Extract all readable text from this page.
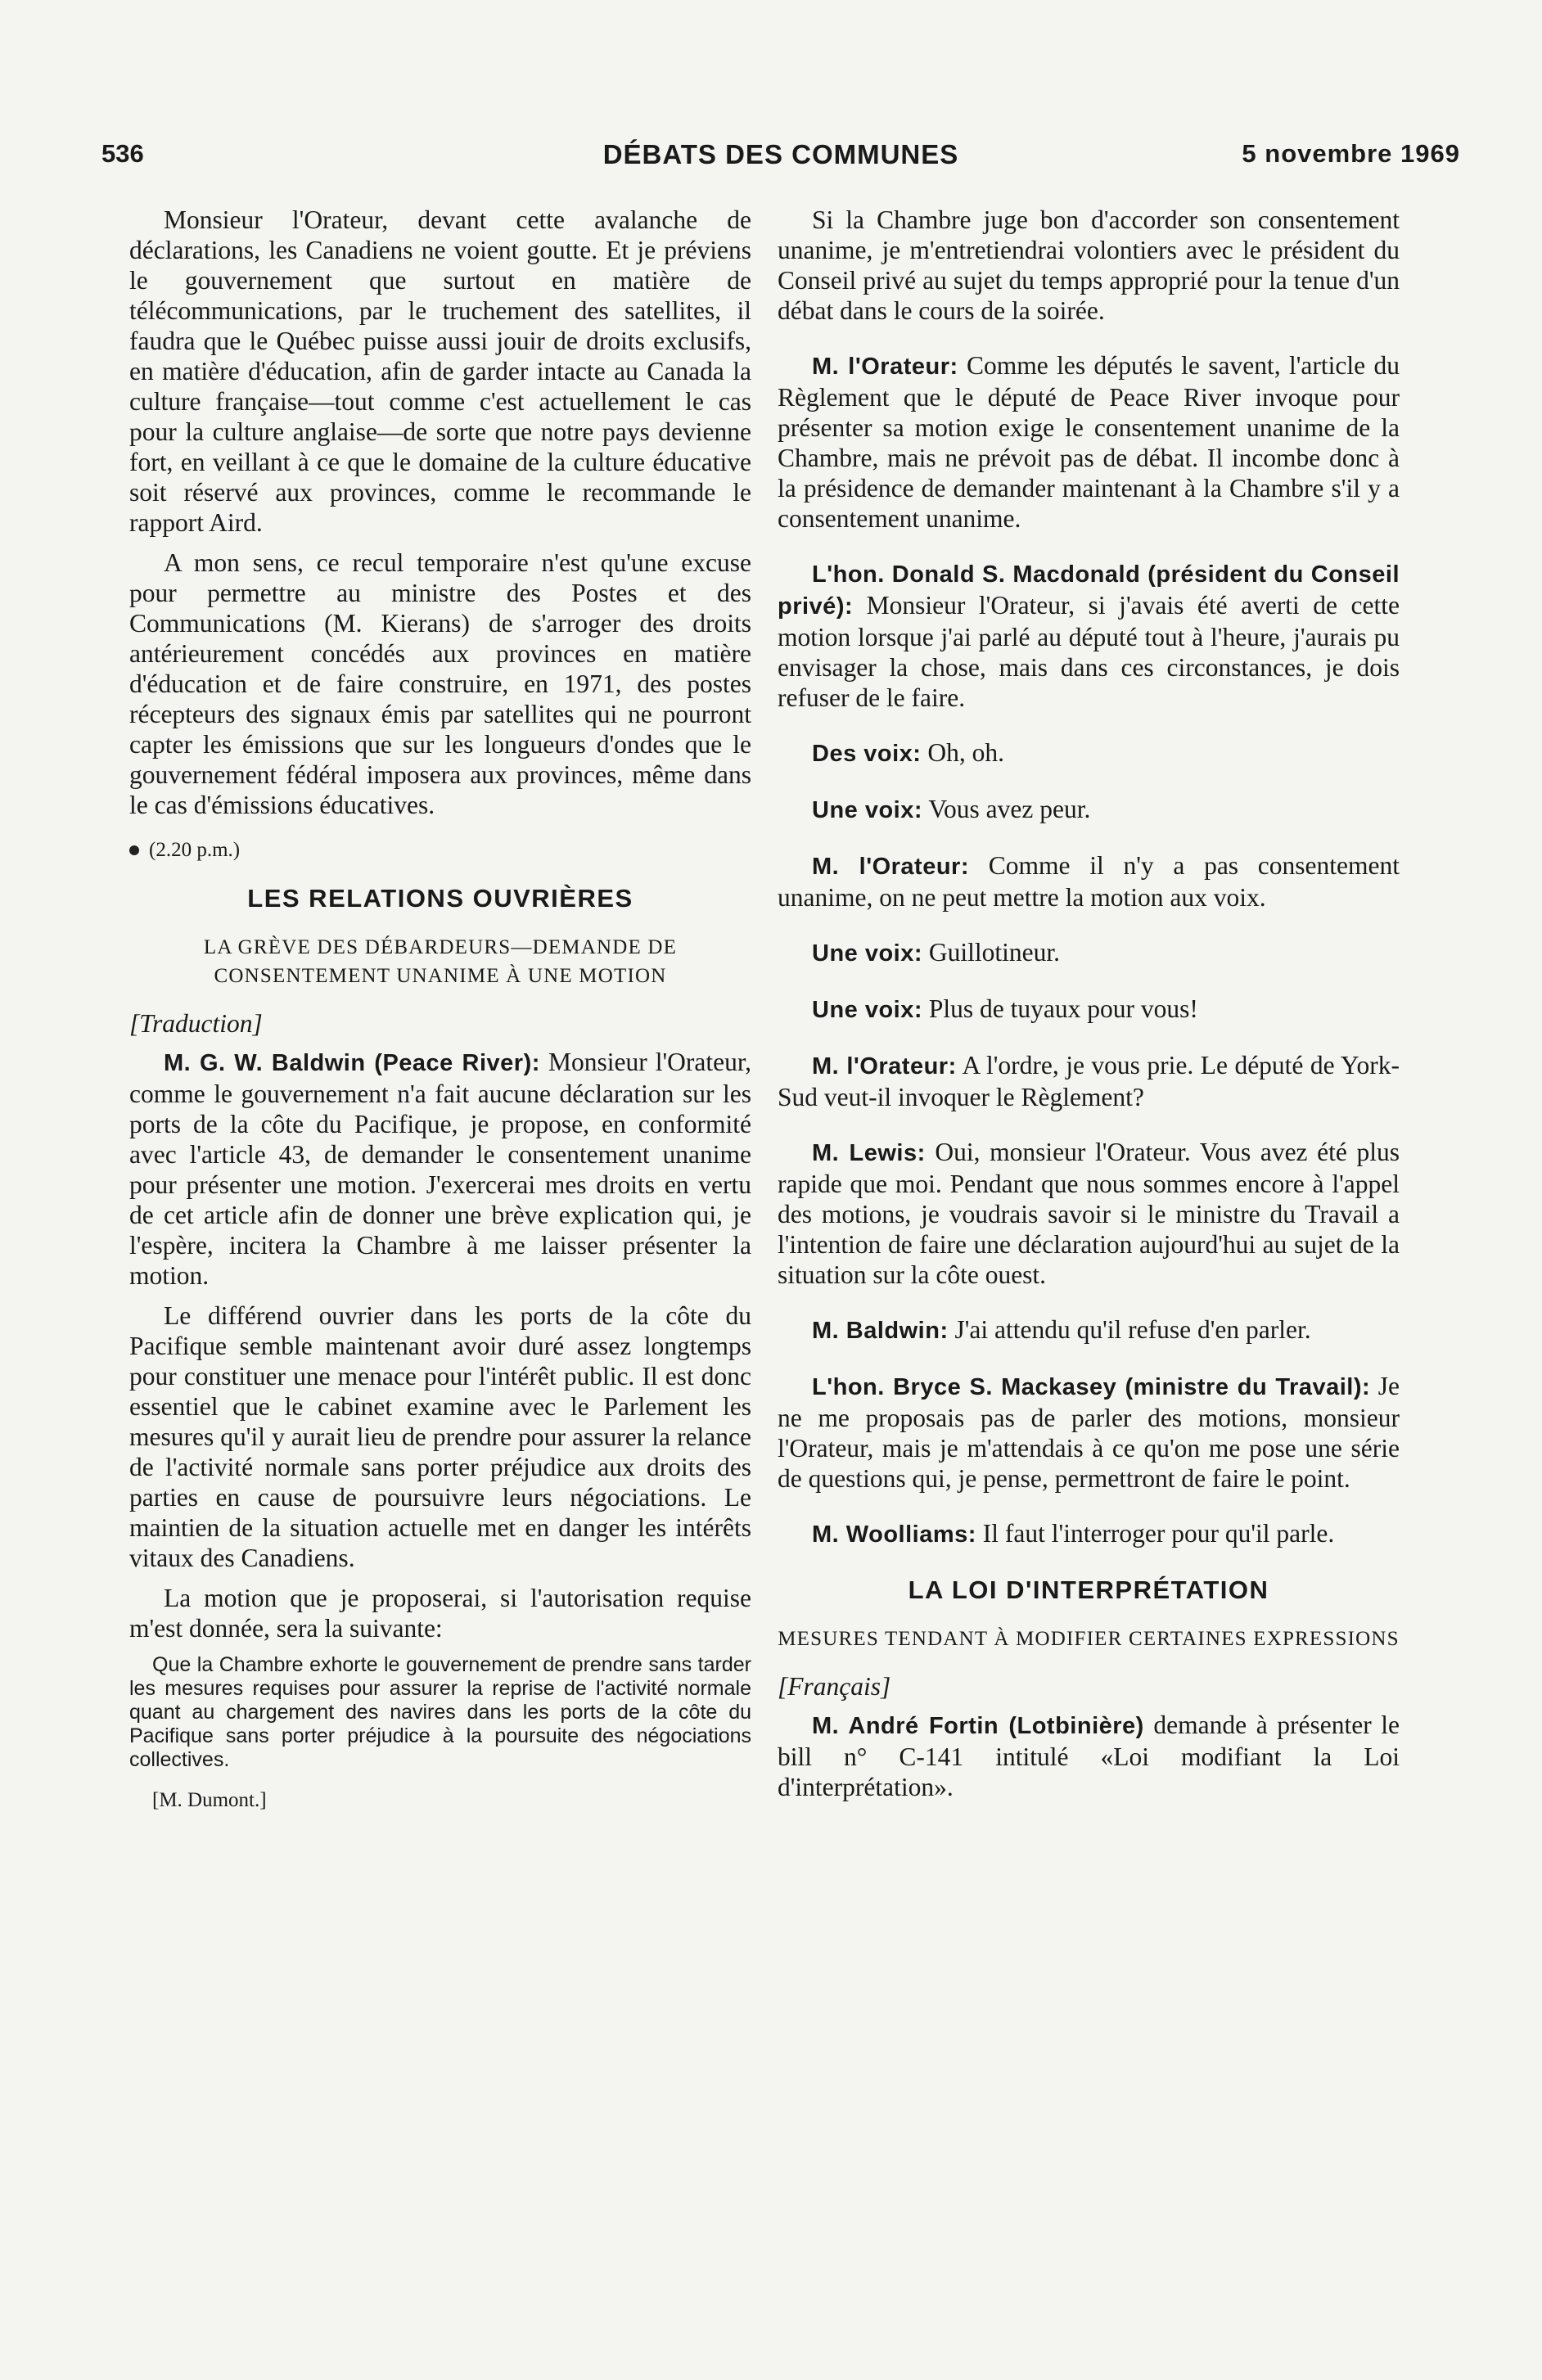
536	DÉBATS DES COMMUNES	5 novembre 1969

Monsieur l'Orateur, devant cette avalanche de déclarations, les Canadiens ne voient goutte. Et je préviens le gouvernement que surtout en matière de télécommunications, par le truchement des satellites, il faudra que le Québec puisse aussi jouir de droits exclusifs, en matière d'éducation, afin de garder intacte au Canada la culture française—tout comme c'est actuellement le cas pour la culture anglaise—de sorte que notre pays devienne fort, en veillant à ce que le domaine de la culture éducative soit réservé aux provinces, comme le recommande le rapport Aird.

A mon sens, ce recul temporaire n'est qu'une excuse pour permettre au ministre des Postes et des Communications (M. Kierans) de s'arroger des droits antérieurement concédés aux provinces en matière d'éducation et de faire construire, en 1971, des postes récepteurs des signaux émis par satellites qui ne pourront capter les émissions que sur les longueurs d'ondes que le gouvernement fédéral imposera aux provinces, même dans le cas d'émissions éducatives.

(2.20 p.m.)
LES RELATIONS OUVRIÈRES
LA GRÈVE DES DÉBARDEURS—DEMANDE DE CONSENTEMENT UNANIME À UNE MOTION
[Traduction]

M. G. W. Baldwin (Peace River): Monsieur l'Orateur, comme le gouvernement n'a fait aucune déclaration sur les ports de la côte du Pacifique, je propose, en conformité avec l'article 43, de demander le consentement unanime pour présenter une motion. J'exercerai mes droits en vertu de cet article afin de donner une brève explication qui, je l'espère, incitera la Chambre à me laisser présenter la motion.

Le différend ouvrier dans les ports de la côte du Pacifique semble maintenant avoir duré assez longtemps pour constituer une menace pour l'intérêt public. Il est donc essentiel que le cabinet examine avec le Parlement les mesures qu'il y aurait lieu de prendre pour assurer la relance de l'activité normale sans porter préjudice aux droits des parties en cause de poursuivre leurs négociations. Le maintien de la situation actuelle met en danger les intérêts vitaux des Canadiens.

La motion que je proposerai, si l'autorisation requise m'est donnée, sera la suivante:

Que la Chambre exhorte le gouvernement de prendre sans tarder les mesures requises pour assurer la reprise de l'activité normale quant au chargement des navires dans les ports de la côte du Pacifique sans porter préjudice à la poursuite des négociations collectives.
[M. Dumont.]

Si la Chambre juge bon d'accorder son consentement unanime, je m'entretiendrai volontiers avec le président du Conseil privé au sujet du temps approprié pour la tenue d'un débat dans le cours de la soirée.

M. l'Orateur: Comme les députés le savent, l'article du Règlement que le député de Peace River invoque pour présenter sa motion exige le consentement unanime de la Chambre, mais ne prévoit pas de débat. Il incombe donc à la présidence de demander maintenant à la Chambre s'il y a consentement unanime.

L'hon. Donald S. Macdonald (président du Conseil privé): Monsieur l'Orateur, si j'avais été averti de cette motion lorsque j'ai parlé au député tout à l'heure, j'aurais pu envisager la chose, mais dans ces circonstances, je dois refuser de le faire.

Des voix: Oh, oh.

Une voix: Vous avez peur.

M. l'Orateur: Comme il n'y a pas consentement unanime, on ne peut mettre la motion aux voix.

Une voix: Guillotineur.

Une voix: Plus de tuyaux pour vous!

M. l'Orateur: A l'ordre, je vous prie. Le député de York-Sud veut-il invoquer le Règlement?

M. Lewis: Oui, monsieur l'Orateur. Vous avez été plus rapide que moi. Pendant que nous sommes encore à l'appel des motions, je voudrais savoir si le ministre du Travail a l'intention de faire une déclaration aujourd'hui au sujet de la situation sur la côte ouest.

M. Baldwin: J'ai attendu qu'il refuse d'en parler.

L'hon. Bryce S. Mackasey (ministre du Travail): Je ne me proposais pas de parler des motions, monsieur l'Orateur, mais je m'attendais à ce qu'on me pose une série de questions qui, je pense, permettront de faire le point.

M. Woolliams: Il faut l'interroger pour qu'il parle.

LA LOI D'INTERPRÉTATION
MESURES TENDANT À MODIFIER CERTAINES EXPRESSIONS
[Français]

M. André Fortin (Lotbinière) demande à présenter le bill n° C-141 intitulé «Loi modifiant la Loi d'interprétation».
